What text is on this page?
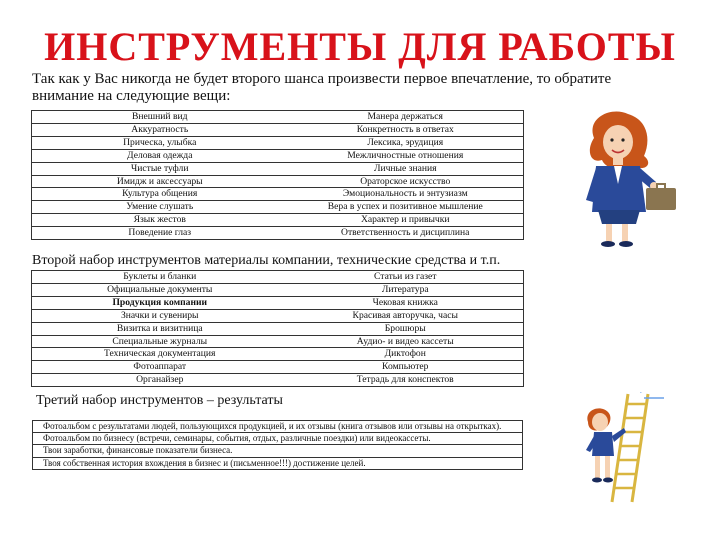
ИНСТРУМЕНТЫ ДЛЯ РАБОТЫ
Так как у Вас никогда не будет второго шанса произвести первое впечатление, то обратите внимание на следующие вещи:
Внешний вид	Манера держаться
Аккуратность	Конкретность в ответах
Прическа, улыбка	Лексика, эрудиция
Деловая одежда	Межличностные отношения
Чистые туфли	Личные знания
Имидж и аксессуары	Ораторское искусство
Культура общения	Эмоциональность и энтузиазм
Умение слушать	Вера в успех и позитивное мышление
Язык жестов	Характер и привычки
Поведение глаз	Ответственность и дисциплина
Второй набор инструментов материалы компании, технические средства и т.п.
Буклеты и бланки	Статьи из газет
Официальные документы	Литература
Продукция компании	Чековая книжка
Значки и сувениры	Красивая авторучка, часы
Визитка и визитница	Брошюры
Специальные журналы	Аудио- и видео кассеты
Техническая документация	Диктофон
Фотоаппарат	Компьютер
Органайзер	Тетрадь для конспектов
Третий набор инструментов – результаты
Фотоальбом с результатами людей, пользующихся продукцией, и их отзывы (книга отзывов или отзывы на открытках).
Фотоальбом по бизнесу (встречи, семинары, события, отдых, различные поездки) или видеокассеты.
Твои заработки, финансовые показатели бизнеса.
Твоя собственная история вхождения в бизнес и (письменное!!!) достижение целей.
